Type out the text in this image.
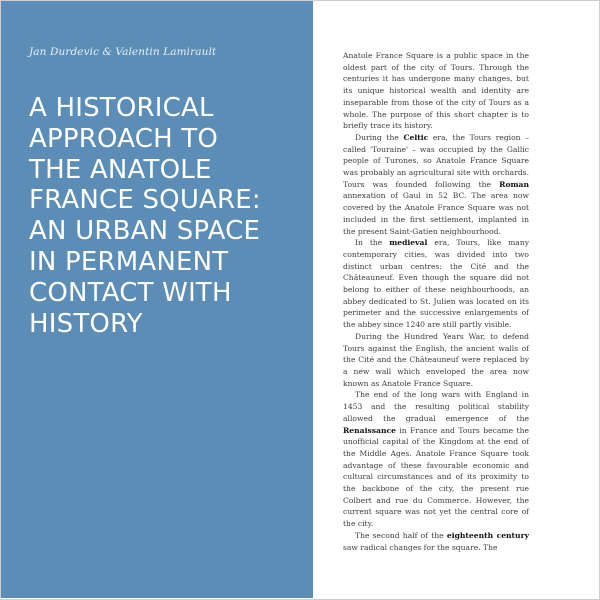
Jan Durdevic & Valentin Lamirault
A HISTORICAL
APPROACH TO
THE ANATOLE
FRANCE SQUARE:
AN URBAN SPACE
IN PERMANENT
CONTACT WITH
HISTORY

Anatole France Square is a public space in the oldest part of the city of Tours. Through the centuries it has undergone many changes, but its unique historical wealth and identity are inseparable from those of the city of Tours as a whole. The purpose of this short chapter is to briefly trace its history.

During the Celtic era, the Tours region – called 'Touraine' – was occupied by the Gallic people of Turones, so Anatole France Square was probably an agricultural site with orchards. Tours was founded following the Roman annexation of Gaul in 52 BC. The area now covered by the Anatole France Square was not included in the first settlement, implanted in the present Saint-Gatien neighbourhood.

In the medieval era, Tours, like many contemporary cities, was divided into two distinct urban centres: the Cité and the Châteauneuf. Even though the square did not belong to either of these neighbourhoods, an abbey dedicated to St. Julien was located on its perimeter and the successive enlargements of the abbey since 1240 are still partly visible.

During the Hundred Years War, to defend Tours against the English, the ancient walls of the Cité and the Châteauneuf were replaced by a new wall which enveloped the area now known as Anatole France Square.

The end of the long wars with England in 1453 and the resulting political stability allowed the gradual emergence of the Renaissance in France and Tours became the unofficial capital of the Kingdom at the end of the Middle Ages. Anatole France Square took advantage of these favourable economic and cultural circumstances and of its proximity to the backbone of the city, the present rue Colbert and rue du Commerce. However, the current square was not yet the central core of the city.

The second half of the eighteenth century saw radical changes for the square. The
